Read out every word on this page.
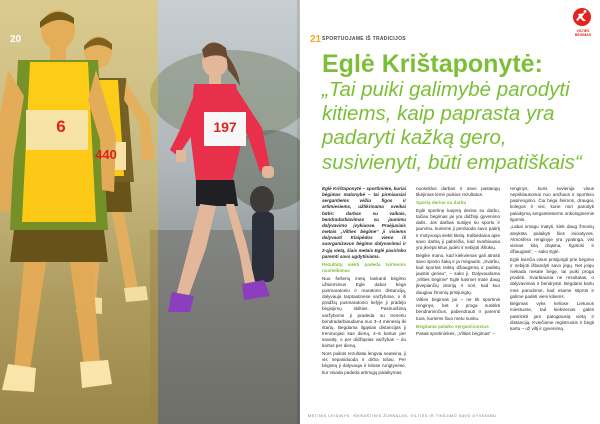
6
440
197
20	21 SPORTUOJAME IŠ TRADICIJOS
VILTIES BĖGIMAS
Eglė Krištaponytė:
„Tai puiki galimybė parodyti kitiems, kaip paprasta yra padaryti kažką gero, susivienyti, būti empatiškais“

Eglė Krištaponytė – sportininkė, kuriai bėgimas malonybė – tai pirmiausiai sergantiems vėžiu figos ir artimiesiems, užtikrinama sveikai būtis: darbas su vaikais, bendradarbiavimas su jaunimu dalyvavimo įvykiuose. Praėjusiais metais „Vilties bėgime“ ji visiems dalyvauti Klaipėdos vieno iš suorganizavus bėgimo dalyvavimui ir 2-ąją vietą, šiais metais Eglė pasirinko paremti savo ugdytiniams.

Rezultatų siekti padeda tvirtesnis nusiteikimas

Nuo šešerių metų lankanti bėgimo užsiėmimus Eglė dabar bėga pusmaratonio ir maratono distanciją, dalyvauja tarptautinėse varžybose, o iš pradžių pusmaratonio kelyje ji pradėjo bėgiojimų skilties. Pasiruošimą varžyboms ji pradeda su treneriu bendradarbiaudama nuo 3–4 mėnesių iki startų. Bėgdama ilgąsias distancijas ji treniruojasi kas dieną, 4–5 kartus per savaitę, o per didžiąsias varžybas – du kartus per dieną.

Nors puikūs rezultatai lengvai neateina, ji vis nepasiduoda ir dirba toliau. Per bėgimą ji dalyvauja ir kitose rungtynėse, kur visada padeda artimųjų palaikymas.

nuoseklus darbas ir savo pastangų tikėjimas lėmė puikius rezultatus.

Sportą derina su darbu

Eglė sportinę karjerą derina su darbu, tačiau bėgimas jai yra didžioji gyvenimo dalis. Jos darbas susijęs su sportu ir jaunimu, kuriems ji perduoda savo patirtį ir motyvuoja siekti tikslų. Kalbėdama apie savo darbą ji pabrėžia, kad svarbiausia yra įkvėpti kitus judėti ir nebijoti iššūkių.

Bėgikė mano, kad kiekvienas gali atrasti savo sporto šaką ir ja mėgautis. „Svarbu, kad sportas teiktų džiaugsmą ir padėtų jaustis geriau“, – sako ji. Dalyvaudama „Vilties bėgime“ Eglė kasmet matė daug įkvepiančių istorijų ir nori, kad kuo daugiau žmonių prisijungtų.

Vilties bėgimas jai – ne tik sportinis renginys, bet ir proga susitikti bendraminčius, pabendrauti ir paremti tuos, kuriems šiuo metu sunku.

Bėgdama palaiko sergančiuosius

Pasak sportininkės, „Vilties bėgimas“ –

renginys, kuris suvienija visus nepriklausomai nuo amžiaus ir sportinio pasirengimo. Čia bėga šeimos, draugai, kolegos ir visi, kurie nori parodyti palaikymą sergantiesiems onkologinėmis ligomis.

„Labai smagu matyti, kiek daug žmonių atvyksta palaikyti šios iniciatyvos. Atmosfera renginyje yra ypatinga, visi vienas kitą drąsina, šypsosi ir džiaugiasi“, – sako Eglė.

Eglė kviečia visus prisijungti prie bėgimo ir nebijoti išbandyti savo jėgų. Net jeigu niekada nesate bėgę, tai puiki proga pradėti. Svarbiausia ne rezultatas, o dalyvavimas ir bendrystė. Bėgdami kartu mes parodome, kad esame stiprūs ir galime padėti vieni kitiems.

Bėgimas vyks keliose Lietuvos miestuose, tad kiekvienas galės pasirinkti jam patogiausią vietą ir distanciją. Kviečiame registruotis ir bėgti kartu – už viltį ir gyvenimą.

METINIS LEIDINYS, IŠKRAŠTINIS ŽURNALAS, VILTIES IR TIKĖJIMO SAVO GYVENIMU
